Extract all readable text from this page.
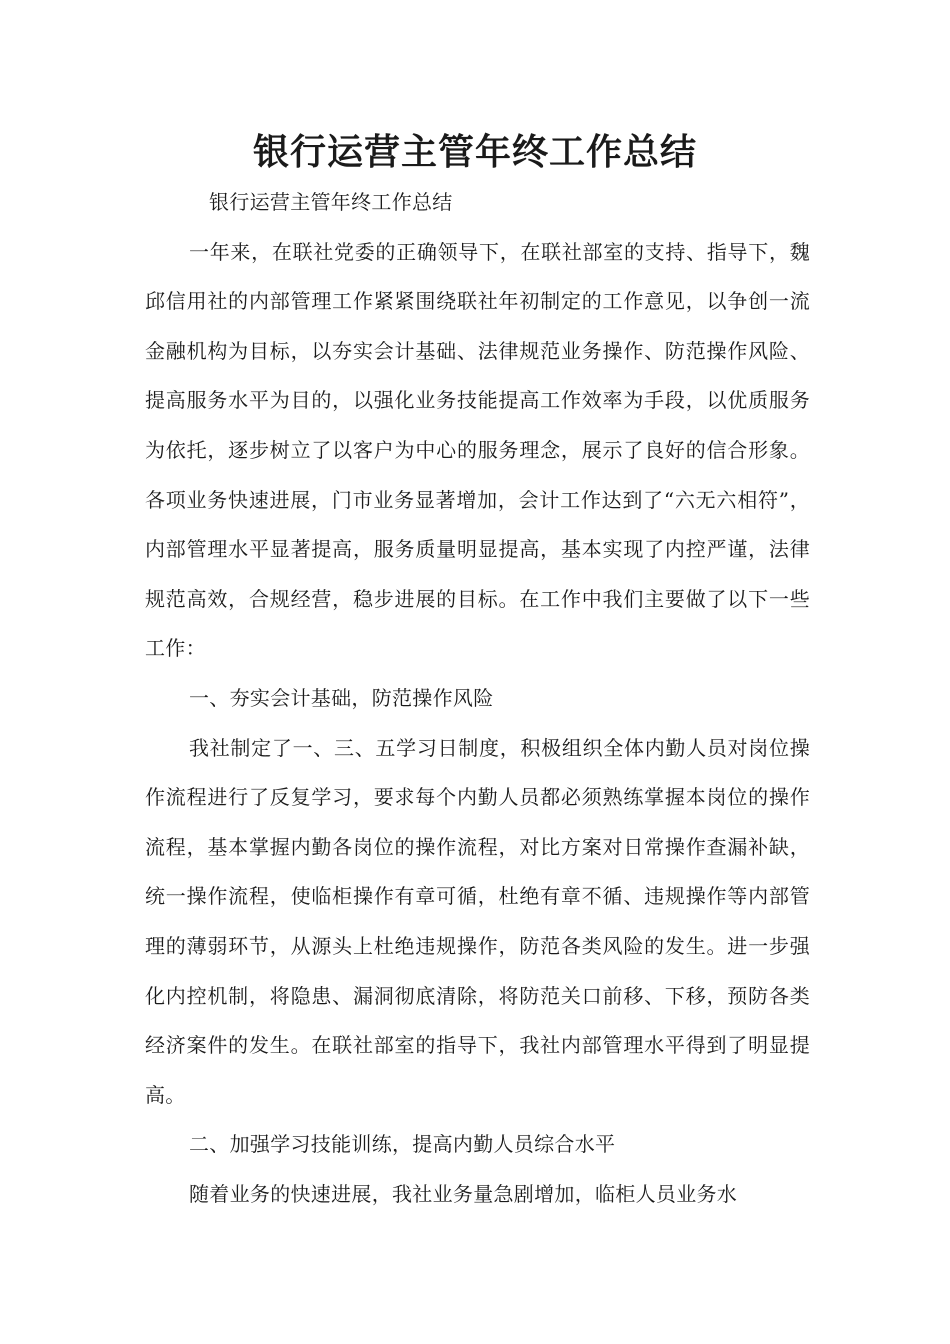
银行运营主管年终工作总结

银行运营主管年终工作总结

一年来，在联社党委的正确领导下，在联社部室的支持、指导下，魏邱信用社的内部管理工作紧紧围绕联社年初制定的工作意见，以争创一流金融机构为目标，以夯实会计基础、法律规范业务操作、防范操作风险、提高服务水平为目的，以强化业务技能提高工作效率为手段，以优质服务为依托，逐步树立了以客户为中心的服务理念，展示了良好的信合形象。各项业务快速进展，门市业务显著增加，会计工作达到了“六无六相符”，内部管理水平显著提高，服务质量明显提高，基本实现了内控严谨，法律规范高效，合规经营，稳步进展的目标。在工作中我们主要做了以下一些工作：

一、夯实会计基础，防范操作风险

我社制定了一、三、五学习日制度，积极组织全体内勤人员对岗位操作流程进行了反复学习，要求每个内勤人员都必须熟练掌握本岗位的操作流程，基本掌握内勤各岗位的操作流程，对比方案对日常操作查漏补缺，统一操作流程，使临柜操作有章可循，杜绝有章不循、违规操作等内部管理的薄弱环节，从源头上杜绝违规操作，防范各类风险的发生。进一步强化内控机制，将隐患、漏洞彻底清除，将防范关口前移、下移，预防各类经济案件的发生。在联社部室的指导下，我社内部管理水平得到了明显提高。

二、加强学习技能训练，提高内勤人员综合水平

随着业务的快速进展，我社业务量急剧增加，临柜人员业务水
